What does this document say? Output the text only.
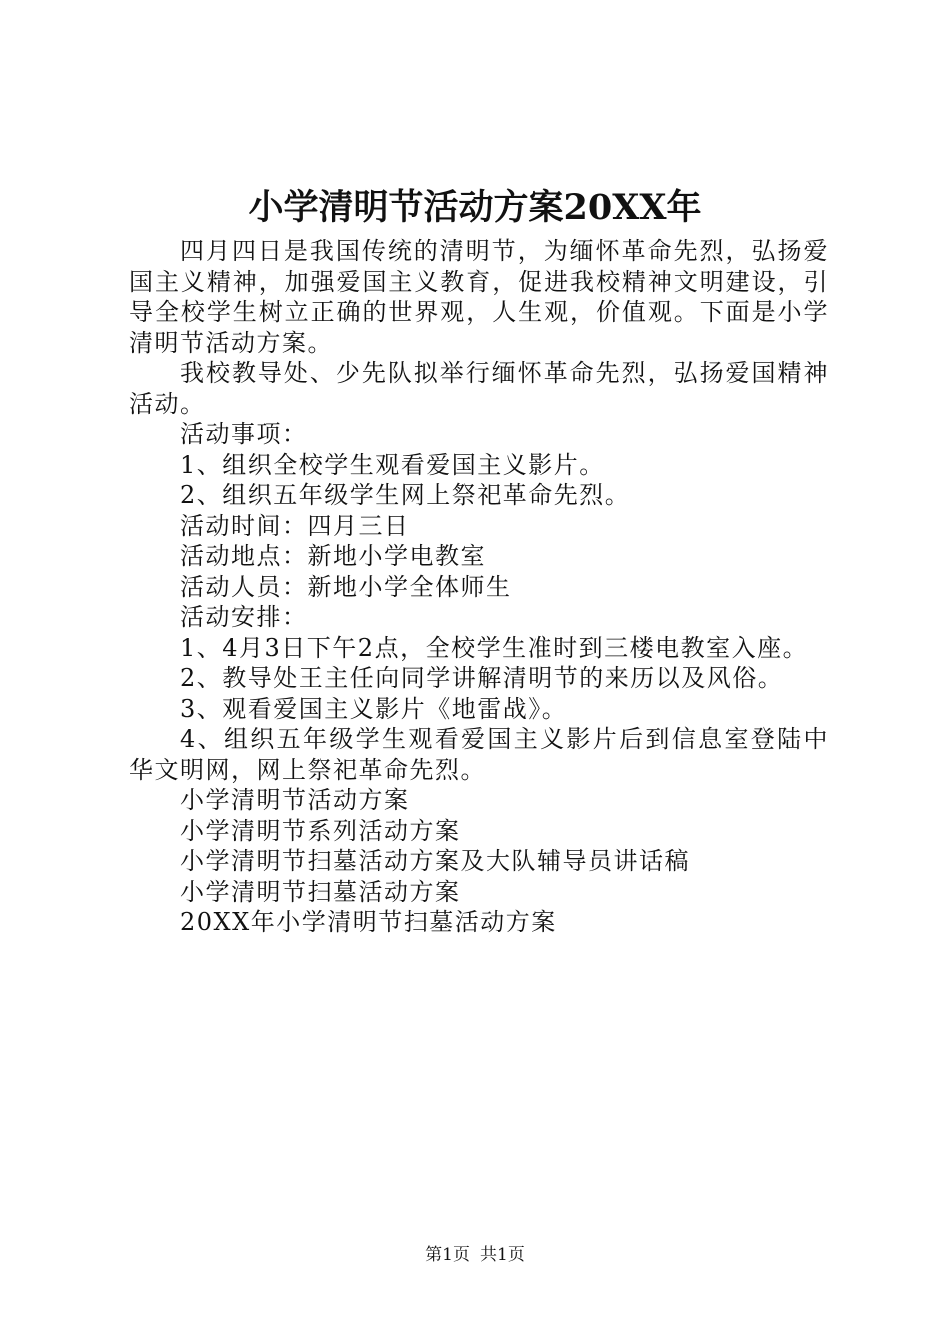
小学清明节活动方案20XX年

四月四日是我国传统的清明节，为缅怀革命先烈，弘扬爱国主义精神，加强爱国主义教育，促进我校精神文明建设，引导全校学生树立正确的世界观，人生观，价值观。下面是小学清明节活动方案。

我校教导处、少先队拟举行缅怀革命先烈，弘扬爱国精神活动。

活动事项：

1、组织全校学生观看爱国主义影片。

2、组织五年级学生网上祭祀革命先烈。

活动时间：四月三日

活动地点：新地小学电教室

活动人员：新地小学全体师生

活动安排：

1、4月3日下午2点，全校学生准时到三楼电教室入座。

2、教导处王主任向同学讲解清明节的来历以及风俗。

3、观看爱国主义影片《地雷战》。

4、组织五年级学生观看爱国主义影片后到信息室登陆中华文明网，网上祭祀革命先烈。

小学清明节活动方案

小学清明节系列活动方案

小学清明节扫墓活动方案及大队辅导员讲话稿

小学清明节扫墓活动方案

20XX年小学清明节扫墓活动方案

第1页 共1页
